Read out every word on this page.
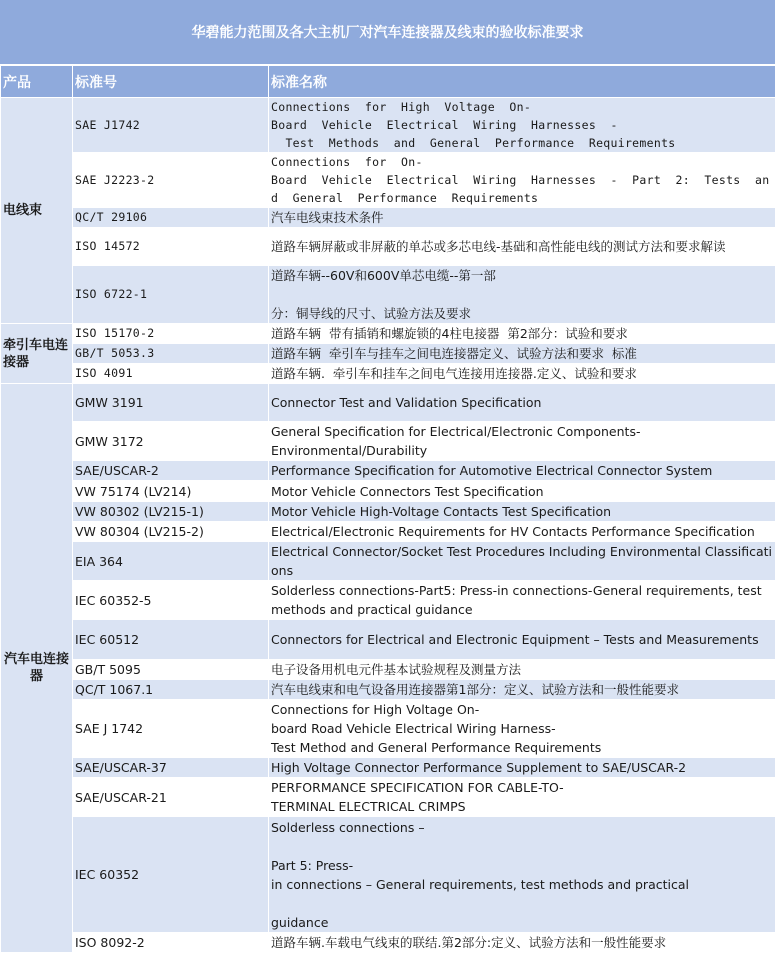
华碧能力范围及各大主机厂对汽车连接器及线束的验收标准要求
产品	标准号	标准名称
电线束	SAE J1742	Connections  for  High  Voltage  On-
Board  Vehicle  Electrical  Wiring  Harnesses  -
Test  Methods  and  General  Performance  Requirements
	SAE J2223-2	Connections  for  On-
Board  Vehicle  Electrical  Wiring  Harnesses  -  Part  2:  Tests  and  General  Performance  Requirements
	QC/T 29106	汽车电线束技术条件
	ISO 14572	道路车辆屏蔽或非屏蔽的单芯或多芯电线-基础和高性能电线的测试方法和要求解读
	ISO 6722-1	道路车辆--60V和600V单芯电缆--第一部

分：铜导线的尺寸、试验方法及要求
牵引车电连接器	ISO 15170-2	道路车辆  带有插销和螺旋锁的4柱电接器  第2部分：试验和要求
	GB/T 5053.3	道路车辆  牵引车与挂车之间电连接器定义、试验方法和要求  标准
	ISO 4091	道路车辆.  牵引车和挂车之间电气连接用连接器.定义、试验和要求
汽车电连接器	GMW 3191	Connector Test and Validation Specification
	GMW 3172	General Specification for Electrical/Electronic Components-
Environmental/Durability
	SAE/USCAR-2	Performance Specification for Automotive Electrical Connector System
	VW 75174 (LV214)	Motor Vehicle Connectors Test Specification
	VW 80302 (LV215-1)	Motor Vehicle High-Voltage Contacts Test Specification
	VW 80304 (LV215-2)	Electrical/Electronic Requirements for HV Contacts Performance Specification
	EIA 364	Electrical Connector/Socket Test Procedures Including Environmental Classifications
	IEC 60352-5	Solderless connections-Part5: Press-in connections-General requirements, test methods and practical guidance
	IEC 60512	Connectors for Electrical and Electronic Equipment – Tests and Measurements
	GB/T 5095	电子设备用机电元件基本试验规程及测量方法
	QC/T 1067.1	汽车电线束和电气设备用连接器第1部分：定义、试验方法和一般性能要求
	SAE J 1742	Connections for High Voltage On-
board Road Vehicle Electrical Wiring Harness-
Test Method and General Performance Requirements
	SAE/USCAR-37	High Voltage Connector Performance Supplement to SAE/USCAR-2
	SAE/USCAR-21	PERFORMANCE SPECIFICATION FOR CABLE-TO-
TERMINAL ELECTRICAL CRIMPS
	IEC 60352	Solderless connections –

Part 5: Press-
in connections – General requirements, test methods and practical

guidance
	ISO 8092-2	道路车辆.车载电气线束的联结.第2部分:定义、试验方法和一般性能要求
